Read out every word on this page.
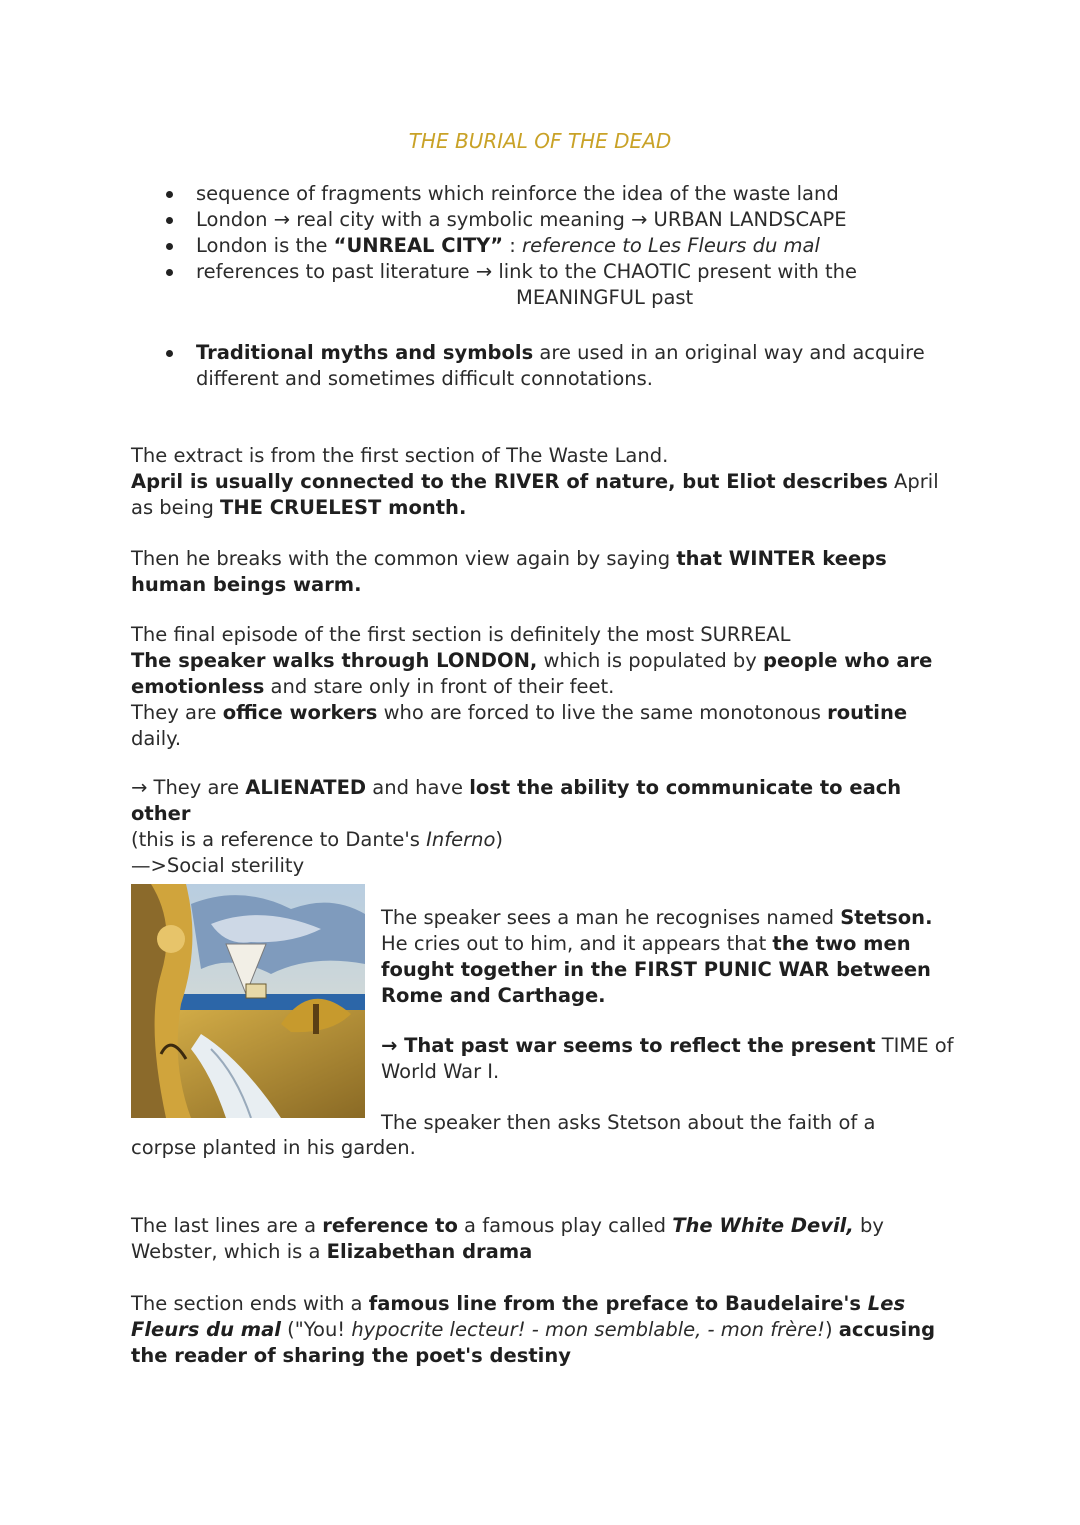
THE BURIAL OF THE DEAD
sequence of fragments which reinforce the idea of the waste land
London → real city with a symbolic meaning → URBAN LANDSCAPE
London is the “UNREAL CITY” : reference to Les Fleurs du mal
references to past literature → link to the CHAOTIC present with the
MEANINGFUL past
Traditional myths and symbols are used in an original way and acquire different and sometimes difficult connotations.

The extract is from the first section of The Waste Land.
April is usually connected to the RIVER of nature, but Eliot describes April as being THE CRUELEST month.

Then he breaks with the common view again by saying that WINTER keeps human beings warm.

The final episode of the first section is definitely the most SURREAL
The speaker walks through LONDON, which is populated by people who are emotionless and stare only in front of their feet.
They are office workers who are forced to live the same monotonous routine daily.

→ They are ALIENATED and have lost the ability to communicate to each other
(this is a reference to Dante's Inferno)
—>Social sterility

The speaker sees a man he recognises named Stetson. He cries out to him, and it appears that the two men fought together in the FIRST PUNIC WAR between Rome and Carthage.

→ That past war seems to reflect the present TIME of World War I.

The speaker then asks Stetson about the faith of a

corpse planted in his garden.

The last lines are a reference to a famous play called The White Devil, by Webster, which is a Elizabethan drama

The section ends with a famous line from the preface to Baudelaire's Les Fleurs du mal ("You! hypocrite lecteur! - mon semblable, - mon frère!) accusing the reader of sharing the poet's destiny
